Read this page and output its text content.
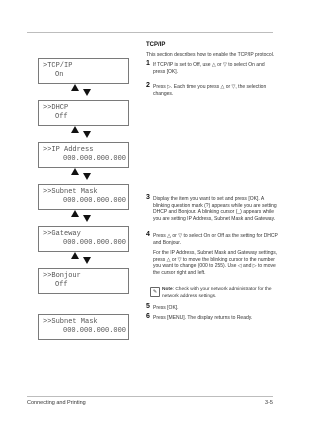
>TCP/IP
On
>>DHCP
Off
>>IP Address
000.000.000.000
>>Subnet Mask
000.000.000.000
>>Gateway
000.000.000.000
>>Bonjour
Off
>>Subnet Mask
000.000.000.000
TCP/IP
This section describes how to enable the TCP/IP protocol.
1 If TCP/IP is set to Off, use △ or ▽ to select On and press [OK].
2 Press ▷. Each time you press △ or ▽, the selection changes.
3 Display the item you want to set and press [OK]. A blinking question mark (?) appears while you are setting DHCP and Bonjour. A blinking cursor (_) appears while you are setting IP Address, Subnet Mask and Gateway.
4 Press △ or ▽ to select On or Off as the setting for DHCP and Bonjour.
For the IP Address, Subnet Mask and Gateway settings, press △ or ▽ to move the blinking cursor to the number you want to change (000 to 255). Use ◁ and ▷ to move the cursor right and left.
✎	Note: Check with your network administrator for the network address settings.
5 Press [OK].
6 Press [MENU]. The display returns to Ready.
Connecting and Printing	3-5
